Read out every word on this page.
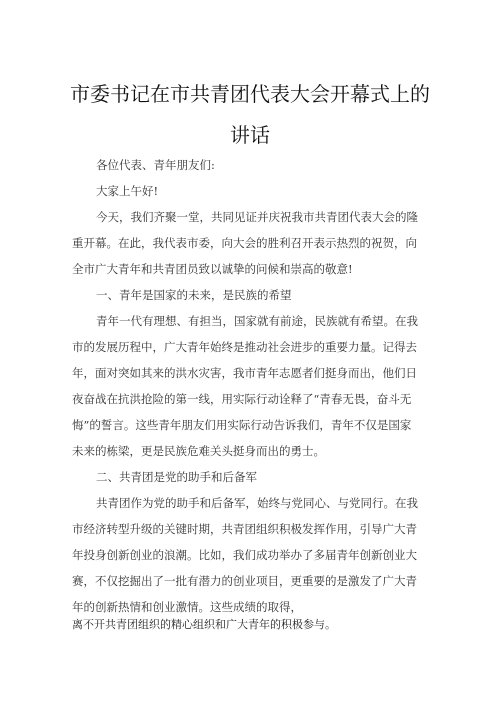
市委书记在市共青团代表大会开幕式上的
讲话
各位代表、青年朋友们:
大家上午好!
今天，我们齐聚一堂，共同见证并庆祝我市共青团代表大会的隆
重开幕。在此，我代表市委，向大会的胜利召开表示热烈的祝贺，向
全市广大青年和共青团员致以诚挚的问候和崇高的敬意!
一、青年是国家的未来，是民族的希望
青年一代有理想、有担当，国家就有前途，民族就有希望。在我
市的发展历程中，广大青年始终是推动社会进步的重要力量。记得去
年，面对突如其来的洪水灾害，我市青年志愿者们挺身而出，他们日
夜奋战在抗洪抢险的第一线，用实际行动诠释了“青春无畏，奋斗无
悔”的誓言。这些青年朋友们用实际行动告诉我们，青年不仅是国家
未来的栋梁，更是民族危难关头挺身而出的勇士。
二、共青团是党的助手和后备军
共青团作为党的助手和后备军，始终与党同心、与党同行。在我
市经济转型升级的关键时期，共青团组织积极发挥作用，引导广大青
年投身创新创业的浪潮。比如，我们成功举办了多届青年创新创业大
赛，不仅挖掘出了一批有潜力的创业项目，更重要的是激发了广大青
年的创新热情和创业激情。这些成绩的取得，
离不开共青团组织的精心组织和广大青年的积极参与。
